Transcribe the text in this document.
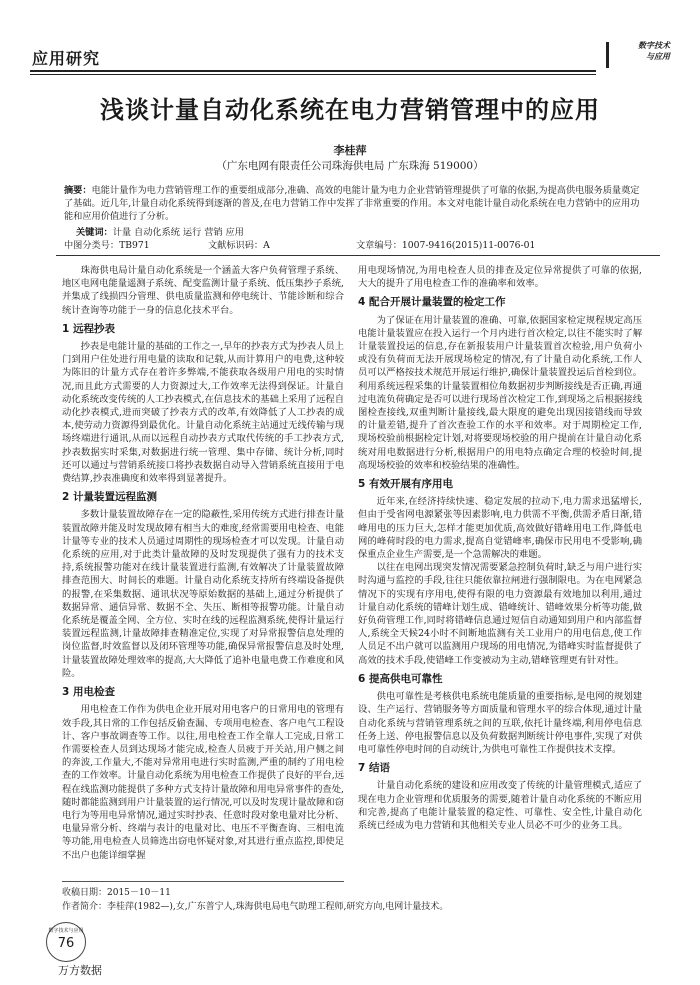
应用研究
数字技术
与应用
浅谈计量自动化系统在电力营销管理中的应用
李桂萍
（广东电网有限责任公司珠海供电局 广东珠海 519000）
摘要：电能计量作为电力营销管理工作的重要组成部分,准确、高效的电能计量为电力企业营销管理提供了可靠的依据,为提高供电服务质量奠定了基础。近几年,计量自动化系统得到逐渐的普及,在电力营销工作中发挥了非常重要的作用。本文对电能计量自动化系统在电力营销中的应用功能和应用价值进行了分析。
关键词：计量 自动化系统 运行 营销 应用
中图分类号：TB971	文献标识码：A	文章编号：1007-9416(2015)11-0076-01

珠海供电局计量自动化系统是一个涵盖大客户负荷管理子系统、地区电网电能量遥测子系统、配变监测计量子系统、低压集抄子系统,并集成了线损四分管理、供电质量监测和停电统计、节能诊断和综合统计查询等功能于一身的信息化技术平台。

1 远程抄表

抄表是电能计量的基础的工作之一,早年的抄表方式为抄表人员上门到用户住处进行用电量的读取和记载,从而计算用户的电费,这种较为陈旧的计量方式存在着许多弊端,不能获取各级用户用电的实时情况,而且此方式需要的人力资源过大,工作效率无法得到保证。计量自动化系统改变传统的人工抄表模式,在信息技术的基础上采用了远程自动化抄表模式,进而突破了抄表方式的改革,有效降低了人工抄表的成本,使劳动力资源得到最优化。计量自动化系统主站通过无线传输与现场终端进行通讯,从而以远程自动抄表方式取代传统的手工抄表方式,抄表数据实时采集,对数据进行统一管理、集中存储、统计分析,同时还可以通过与营销系统接口将抄表数据自动导入营销系统直接用于电费结算,抄表准确度和效率得到显著提升。

2 计量装置远程监测

多数计量装置故障存在一定的隐蔽性,采用传统方式进行排查计量装置故障并能及时发现故障有相当大的难度,经常需要用电检查、电能计量等专业的技术人员通过周期性的现场检查才可以发现。计量自动化系统的应用,对于此类计量故障的及时发现提供了强有力的技术支持,系统报警功能对在线计量装置进行监测,有效解决了计量装置故障排查范围大、时间长的难题。计量自动化系统支持所有终端设备提供的报警,在采集数据、通讯状况等原始数据的基础上,通过分析提供了数据异常、通信异常、数据不全、失压、断相等报警功能。计量自动化系统是覆盖全网、全方位、实时在线的远程监测系统,使得计量运行装置远程监测,计量故障排查精准定位,实现了对异常报警信息处理的岗位监督,时效监督以及闭环管理等功能,确保异常报警信息及时处理,计量装置故障处理效率的提高,大大降低了追补电量电费工作难度和风险。

3 用电检查

用电检查工作作为供电企业开展对用电客户的日常用电的管理有效手段,其日常的工作包括反偷查漏、专项用电检查、客户电气工程设计、客户事故调查等工作。以往,用电检查工作全靠人工完成,日常工作需要检查人员到达现场才能完成,检查人员疲于开关站,用户侧之间的奔波,工作量大,不能对异常用电进行实时监测,严重的制约了用电检查的工作效率。计量自动化系统为用电检查工作提供了良好的平台,远程在线监测功能提供了多种方式支持计量故障和用电异常事件的查处,随时都能监测到用户计量装置的运行情况,可以及时发现计量故障和窃电行为等用电异常情况,通过实时抄表、任意时段对象电量对比分析、电量异常分析、终端与表计的电量对比、电压不平衡查询、三相电流等功能,用电检查人员筛选出窃电怀疑对象,对其进行重点监控,即使足不出户也能详细掌握

用电现场情况,为用电检查人员的排查及定位异常提供了可靠的依据,大大的提升了用电检查工作的准确率和效率。

4 配合开展计量装置的检定工作

为了保证在用计量装置的准确、可靠,依据国家检定规程规定高压电能计量装置应在投入运行一个月内进行首次检定,以往不能实时了解计量装置投运的信息,存在新报装用户计量装置首次检验,用户负荷小或没有负荷而无法开展现场检定的情况,有了计量自动化系统,工作人员可以严格按技术规范开展运行维护,确保计量装置投运后首检到位。利用系统远程采集的计量装置相位角数据初步判断接线是否正确,再通过电流负荷确定是否可以进行现场首次检定工作,到现场之后根据接线图检查接线,双重判断计量接线,最大限度的避免出现因接错线而导致的计量差错,提升了首次查验工作的水平和效率。对于周期检定工作,现场校验前根据检定计划,对将要现场校验的用户提前在计量自动化系统对用电数据进行分析,根据用户的用电特点确定合理的校验时间,提高现场校验的效率和校验结果的准确性。

5 有效开展有序用电

近年来,在经济持续快速、稳定发展的拉动下,电力需求迅猛增长,但由于受省网电源紧张等因素影响,电力供需不平衡,供需矛盾日渐,错峰用电的压力巨大,怎样才能更加优质,高效做好错峰用电工作,降低电网的峰荷时段的电力需求,提高自觉错峰率,确保市民用电不受影响,确保重点企业生产需要,是一个急需解决的难题。

以往在电网出现突发情况需要紧急控制负荷时,缺乏与用户进行实时沟通与监控的手段,往往只能依靠拉闸进行强制限电。为在电网紧急情况下的实现有序用电,使得有限的电力资源最有效地加以利用,通过计量自动化系统的错峰计划生成、错峰统计、错峰效果分析等功能,做好负荷管理工作,同时将错峰信息通过短信自动通知到用户和内部监督人,系统全天候24小时不间断地监测有关工业用户的用电信息,使工作人员足不出户就可以监测用户现场的用电情况,为错峰实时监督提供了高效的技术手段,使错峰工作变被动为主动,错峰管理更有针对性。

6 提高供电可靠性

供电可靠性是考核供电系统电能质量的重要指标,是电网的规划建设、生产运行、营销服务等方面质量和管理水平的综合体现,通过计量自动化系统与营销管理系统之间的互联,依托计量终端,利用停电信息任务上送、停电报警信息以及负荷数据判断统计停电事件,实现了对供电可靠性停电时间的自动统计,为供电可靠性工作提供技术支撑。

7 结语

计量自动化系统的建设和应用改变了传统的计量管理模式,适应了现在电力企业管理和优质服务的需要,随着计量自动化系统的不断应用和完善,提高了电能计量装置的稳定性、可靠性、安全性,计量自动化系统已经成为电力营销和其他相关专业人员必不可少的业务工具。

收稿日期：2015－10－11
作者简介：李桂萍(1982—),女,广东普宁人,珠海供电局电气助理工程师,研究方向,电网计量技术。
数字技术与应用
76
万方数据
